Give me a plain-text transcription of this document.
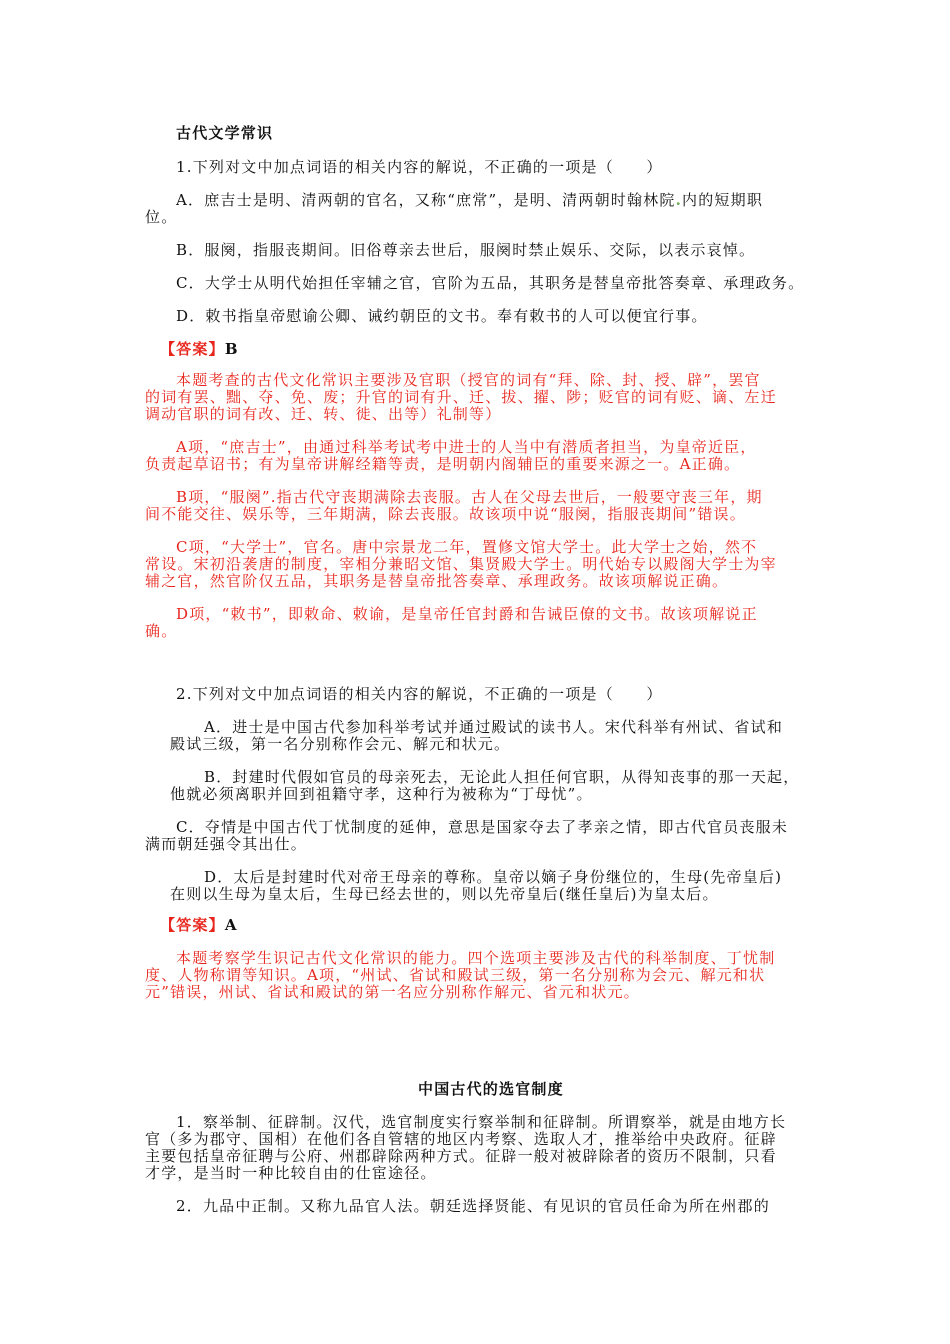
古代文学常识
1.下列对文中加点词语的相关内容的解说，不正确的一项是（　　）
A．庶吉士是明、清两朝的官名，又称“庶常”，是明、清两朝时翰林院.内的短期职
位。
B．服阕，指服丧期间。旧俗尊亲去世后，服阕时禁止娱乐、交际，以表示哀悼。
C．大学士从明代始担任宰辅之官，官阶为五品，其职务是替皇帝批答奏章、承理政务。
D．敕书指皇帝慰谕公卿、诫约朝臣的文书。奉有敕书的人可以便宜行事。
【答案】B
本题考查的古代文化常识主要涉及官职（授官的词有“拜、除、封、授、辟”，罢官
的词有罢、黜、夺、免、废；升官的词有升、迁、拔、擢、陟；贬官的词有贬、谪、左迁
调动官职的词有改、迁、转、徙、出等）礼制等）
A项，“庶吉士”，由通过科举考试考中进士的人当中有潜质者担当，为皇帝近臣，
负责起草诏书；有为皇帝讲解经籍等责，是明朝内阁辅臣的重要来源之一。A正确。
B项，“服阕”.指古代守丧期满除去丧服。古人在父母去世后，一般要守丧三年，期
间不能交往、娱乐等，三年期满，除去丧服。故该项中说“服阕，指服丧期间”错误。
C项，“大学士”，官名。唐中宗景龙二年，置修文馆大学士。此大学士之始，然不
常设。宋初沿袭唐的制度，宰相分兼昭文馆、集贤殿大学士。明代始专以殿阁大学士为宰
辅之官，然官阶仅五品，其职务是替皇帝批答奏章、承理政务。故该项解说正确。
D项，“敕书”，即敕命、敕谕，是皇帝任官封爵和告诫臣僚的文书。故该项解说正
确。
2.下列对文中加点词语的相关内容的解说，不正确的一项是（　　）
A．进士是中国古代参加科举考试并通过殿试的读书人。宋代科举有州试、省试和
殿试三级，第一名分别称作会元、解元和状元。
B．封建时代假如官员的母亲死去，无论此人担任何官职，从得知丧事的那一天起，
他就必须离职并回到祖籍守孝，这种行为被称为“丁母忧”。
C．夺情是中国古代丁忧制度的延伸，意思是国家夺去了孝亲之情，即古代官员丧服未
满而朝廷强令其出仕。
D．太后是封建时代对帝王母亲的尊称。皇帝以嫡子身份继位的，生母(先帝皇后)
在则以生母为皇太后，生母已经去世的，则以先帝皇后(继任皇后)为皇太后。
【答案】A
本题考察学生识记古代文化常识的能力。四个选项主要涉及古代的科举制度、丁忧制
度、人物称谓等知识。A项，“州试、省试和殿试三级，第一名分别称为会元、解元和状
元”错误，州试、省试和殿试的第一名应分别称作解元、省元和状元。
中国古代的选官制度
1．察举制、征辟制。汉代，选官制度实行察举制和征辟制。所谓察举，就是由地方长
官（多为郡守、国相）在他们各自管辖的地区内考察、选取人才，推举给中央政府。征辟
主要包括皇帝征聘与公府、州郡辟除两种方式。征辟一般对被辟除者的资历不限制，只看
才学，是当时一种比较自由的仕宦途径。
2．九品中正制。又称九品官人法。朝廷选择贤能、有见识的官员任命为所在州郡的
